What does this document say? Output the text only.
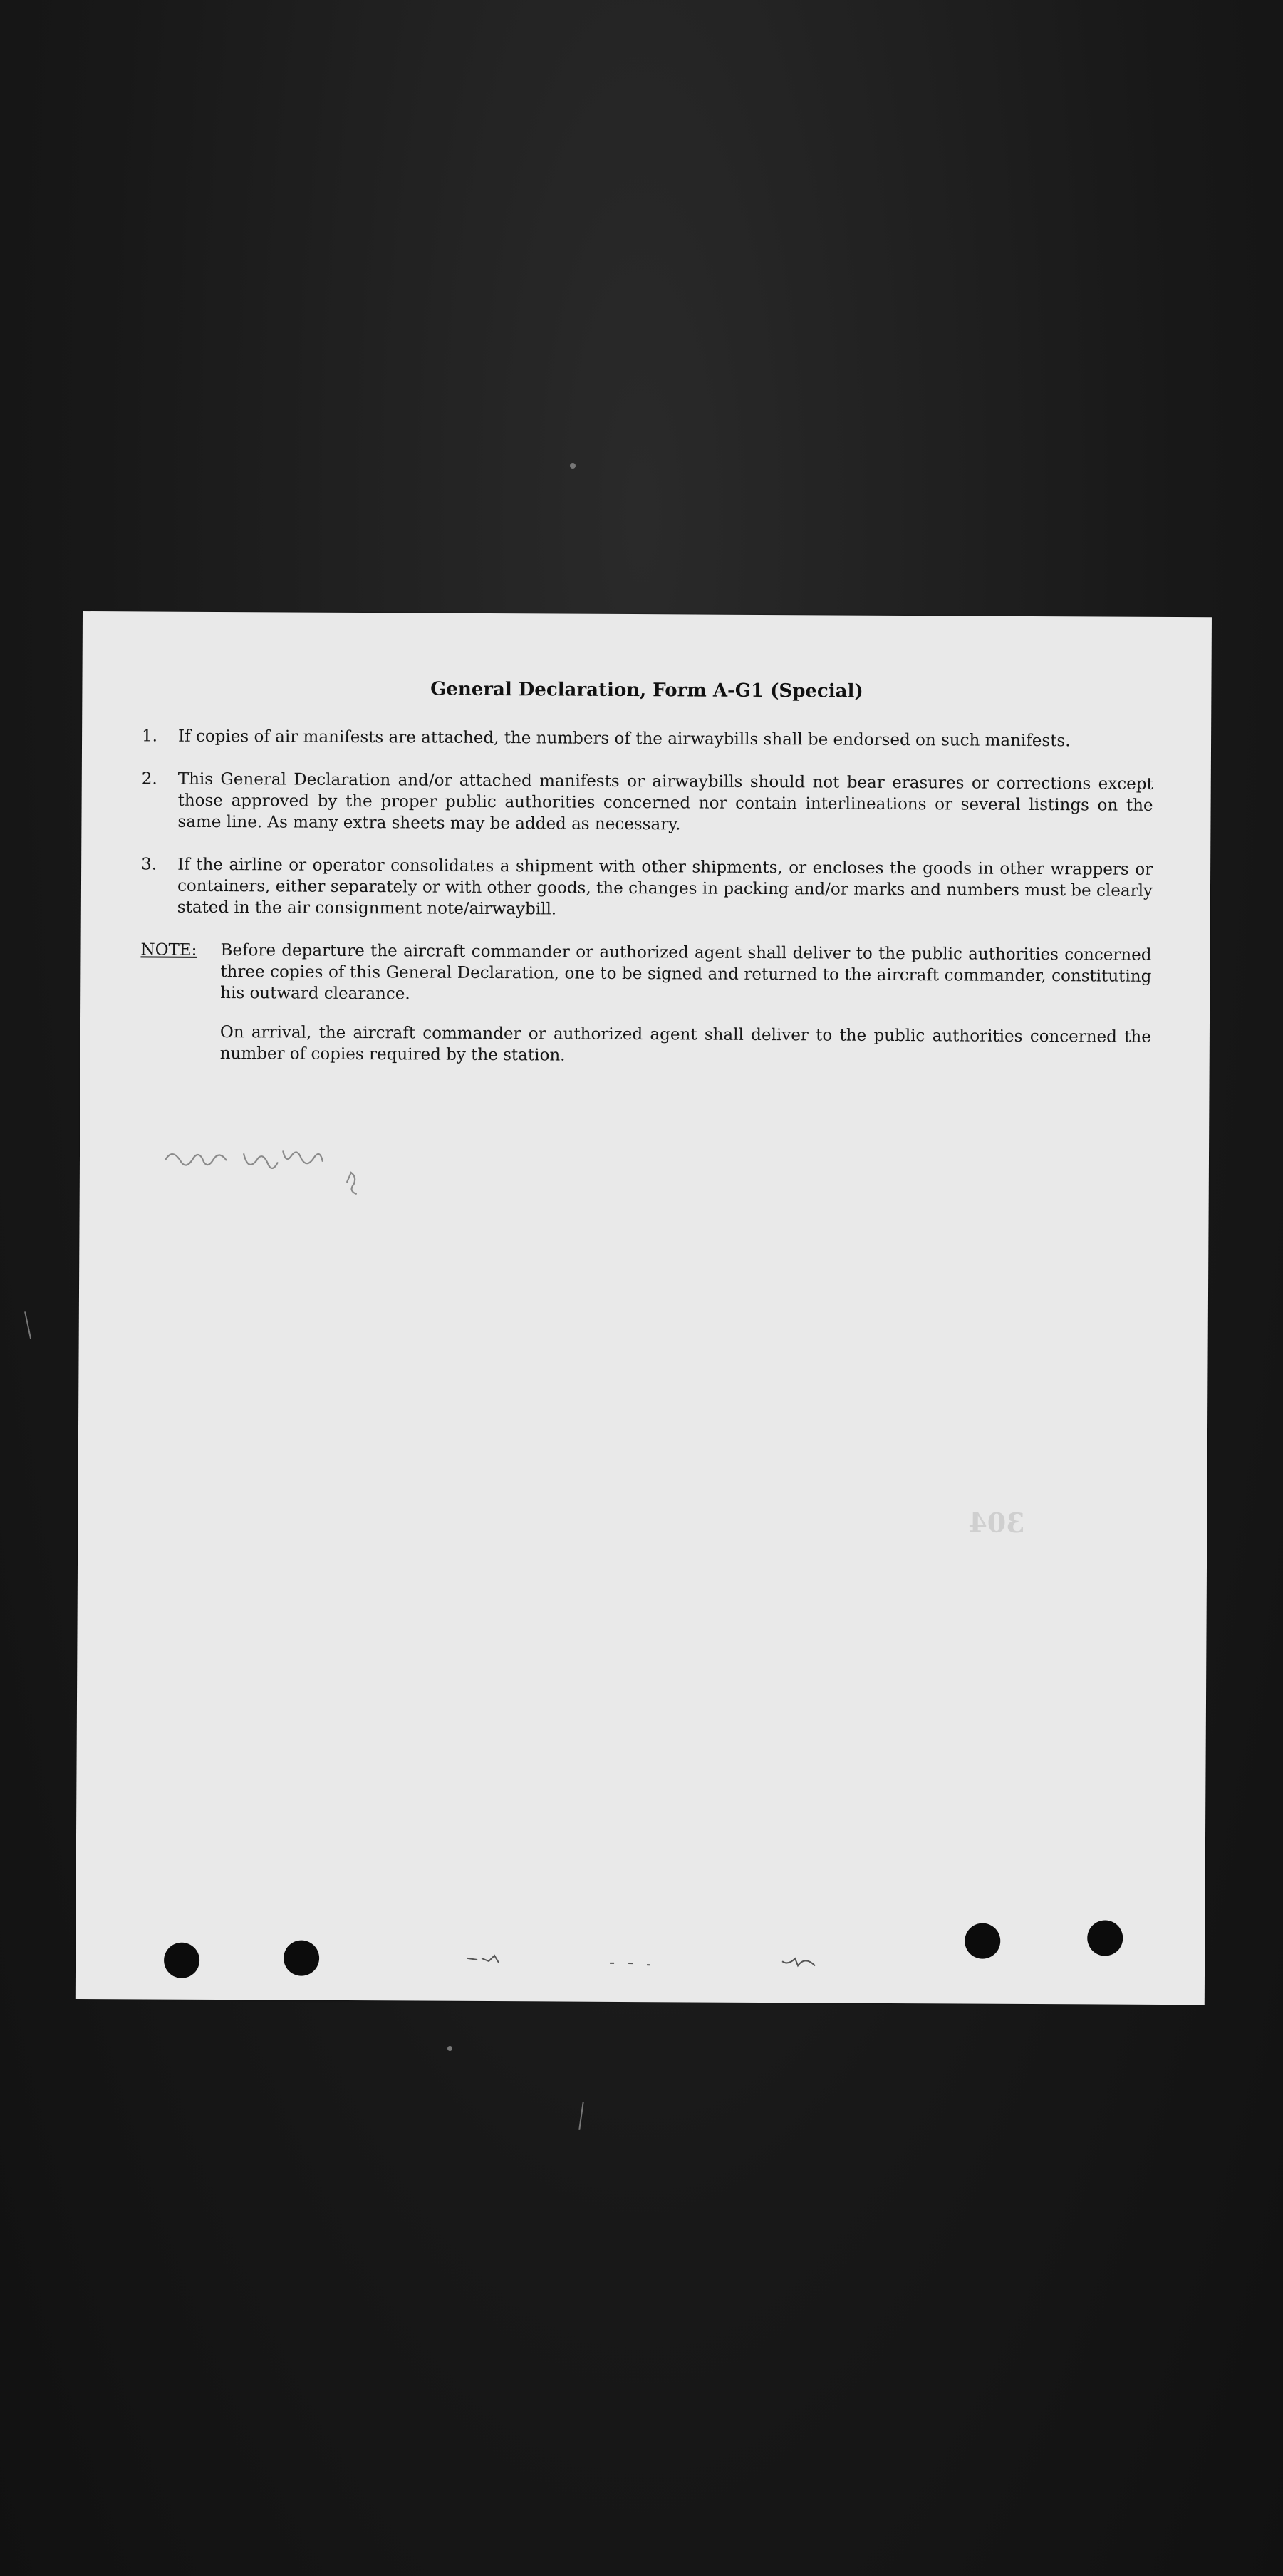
General Declaration, Form A-G1 (Special)
1.	If copies of air manifests are attached, the numbers of the airwaybills shall be endorsed on such manifests.
2.	This General Declaration and/or attached manifests or airwaybills should not bear erasures or corrections except those approved by the proper public authorities concerned nor contain interlineations or several listings on the same line. As many extra sheets may be added as necessary.
3.	If the airline or operator consolidates a shipment with other shipments, or encloses the goods in other wrappers or containers, either separately or with other goods, the changes in packing and/or marks and numbers must be clearly stated in the air consignment note/airwaybill.
NOTE: Before departure the aircraft commander or authorized agent shall deliver to the public authorities concerned three copies of this General Declaration, one to be signed and returned to the aircraft commander, constituting his outward clearance.
On arrival, the aircraft commander or authorized agent shall deliver to the public authorities concerned the number of copies required by the station.
304
